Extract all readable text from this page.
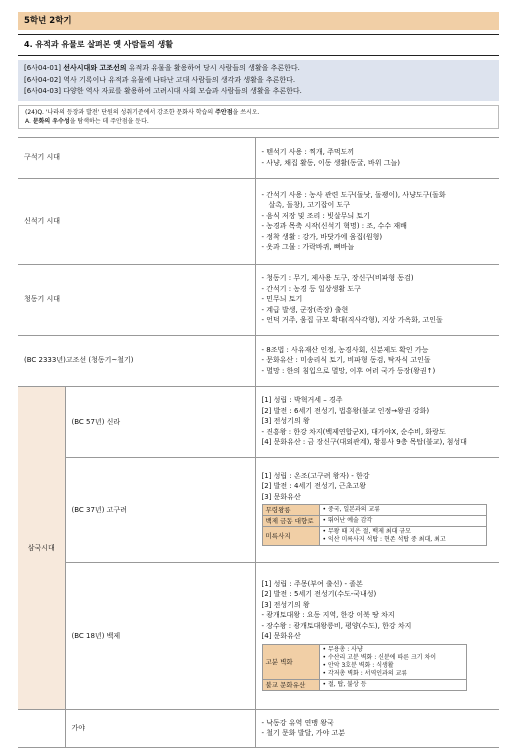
5학년 2학기
4. 유적과 유물로 살펴본 옛 사람들의 생활
[6사04-01] 선사시대와 고조선의 유적과 유물을 활용하여 당시 사람들의 생활을 추론한다.
[6사04-02] 역사 기록이나 유적과 유물에 나타난 고대 사람들의 생각과 생활을 추론한다.
[6사04-03] 다양한 역사 자료를 활용하여 고려시대 사회 모습과 사람들의 생활을 추론한다.
(24)Q. '나라의 등장과 발전' 단원의 성취기준에서 강조한 문화사 학습의 주안점을 쓰시오.
A. 문화의 우수성을 탐색하는 데 주안점을 둔다.
구석기 시대	
- 뗀석기 사용 : 찍개, 주먹도끼
- 사냥, 채집 활동, 이동 생활(동굴, 바위 그늘)

신석기 시대	
- 간석기 사용 : 농사 관련 도구(돌낫, 돌괭이), 사냥도구(돌화
살촉, 돌창), 고기잡이 도구
- 음식 저장 및 조리 : 빗살무늬 토기
- 농경과 목축 시작(신석기 혁명) : 조, 수수 재배
- 정착 생활 : 강가, 바닷가에 움집(원형)
- 옷과 그물 : 가락바퀴, 뼈바늘

청동기 시대	
- 청동기 : 무기, 제사용 도구, 장신구(비파형 동검)
- 간석기 : 농경 등 일상생활 도구
- 민무늬 토기
- 계급 발생, 군장(족장) 출현
- 언덕 거주, 움집 규모 확대(직사각형), 지상 가옥화, 고인돌

(BC 2333년)고조선 (청동기~철기)	
- 8조법 : 사유재산 인정, 농경사회, 신분제도 확인 가능
- 문화유산 : 미송리식 토기, 비파형 동검, 탁자식 고인돌
- 멸망 : 한의 침입으로 멸망, 이후 여러 국가 등장(왕권↑)

삼국시대	(BC 57년) 신라	
[1] 성립 : 박혁거세 – 경주
[2] 발전 : 6세기 전성기, 법흥왕(불교 인정→왕권 강화)
[3] 전성기의 왕
- 진흥왕 : 한강 차지(백제연합군X), 대가야X, 순수비, 화랑도
[4] 문화유산 : 금 장신구(대외관계), 황룡사 9층 목탑(불교), 첨성대

(BC 37년) 고구려	
[1] 성립 : 온조(고구려 왕자) - 한강
[2] 발전 : 4세기 전성기, 근초고왕
[3] 문화유산
무령왕릉	• 중국, 일본과의 교류
백제 금동 대향로	• 뛰어난 예술 감각
미륵사지	• 무왕 때 지은 절, 백제 최대 규모
• 익산 미륵사지 석탑 : 현존 석탑 중 최대, 최고

(BC 18년) 백제	
[1] 성립 : 주몽(부여 출신) - 졸본
[2] 발전 : 5세기 전성기(수도-국내성)
[3] 전성기의 왕
- 광개토대왕 : 요동 지역, 한강 이북 땅 차지
- 장수왕 : 광개토대왕릉비, 평양(수도), 한강 차지
[4] 문화유산
고분 벽화	• 무용총 : 사냥
• 수산리 고분 벽화 : 신분에 따른 크기 차이
• 안악 3호분 벽화 : 식생활
• 각저총 벽화 : 서역인과의 교류
불교 문화유산	• 절, 탑, 불상 등

	가야	
- 낙동강 유역 연맹 왕국
- 철기 문화 발달, 가야 고분
